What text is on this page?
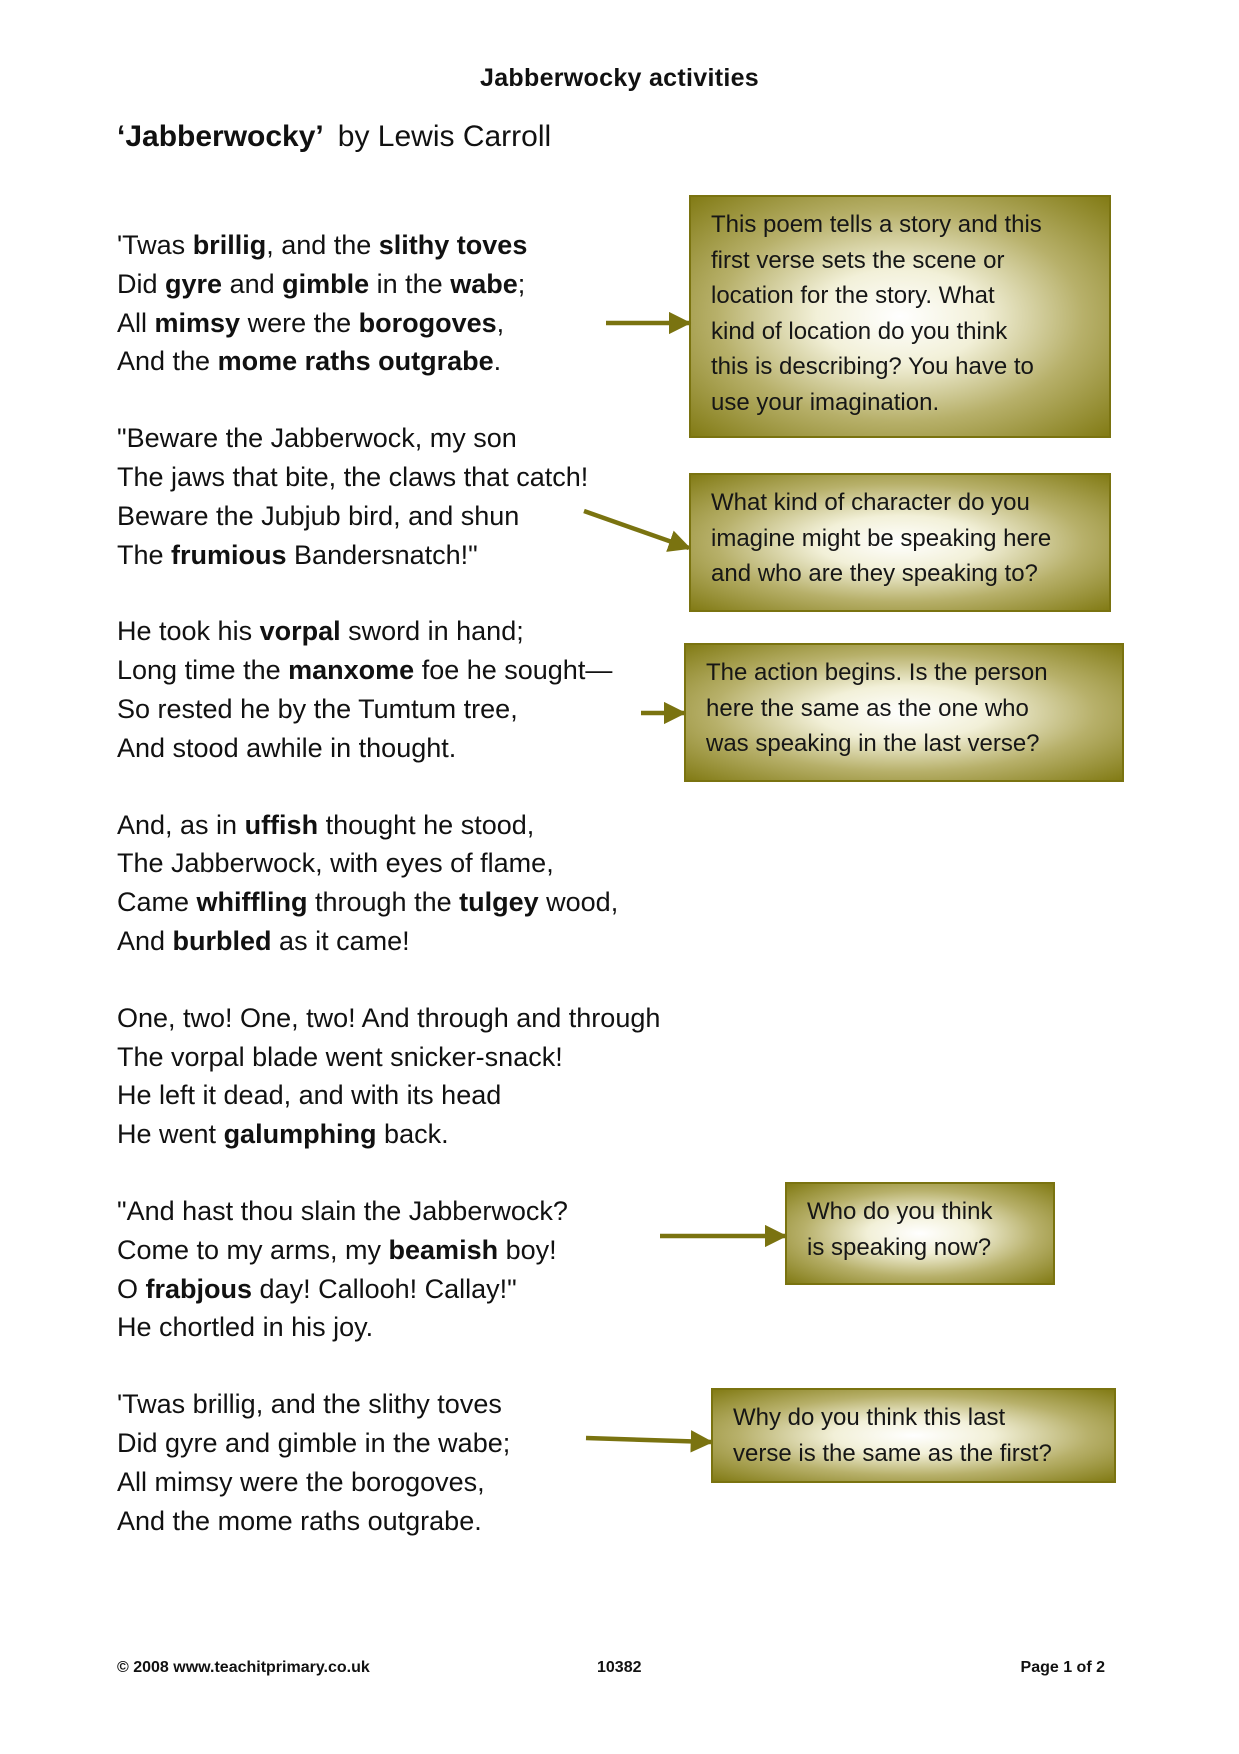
Jabberwocky activities
‘Jabberwocky’ by Lewis Carroll
'Twas brillig, and the slithy toves
Did gyre and gimble in the wabe;
All mimsy were the borogoves,
And the mome raths outgrabe.
"Beware the Jabberwock, my son
The jaws that bite, the claws that catch!
Beware the Jubjub bird, and shun
The frumious Bandersnatch!"
He took his vorpal sword in hand;
Long time the manxome foe he sought—
So rested he by the Tumtum tree,
And stood awhile in thought.
And, as in uffish thought he stood,
The Jabberwock, with eyes of flame,
Came whiffling through the tulgey wood,
And burbled as it came!
One, two! One, two! And through and through
The vorpal blade went snicker-snack!
He left it dead, and with its head
He went galumphing back.
"And hast thou slain the Jabberwock?
Come to my arms, my beamish boy!
O frabjous day! Callooh! Callay!"
He chortled in his joy.
'Twas brillig, and the slithy toves
Did gyre and gimble in the wabe;
All mimsy were the borogoves,
And the mome raths outgrabe.
This poem tells a story and this
first verse sets the scene or
location for the story. What
kind of location do you think
this is describing? You have to
use your imagination.
What kind of character do you
imagine might be speaking here
and who are they speaking to?
The action begins. Is the person
here the same as the one who
was speaking in the last verse?
Who do you think
is speaking now?
Why do you think this last
verse is the same as the first?
© 2008 www.teachitprimary.co.uk	10382	Page 1 of 2
